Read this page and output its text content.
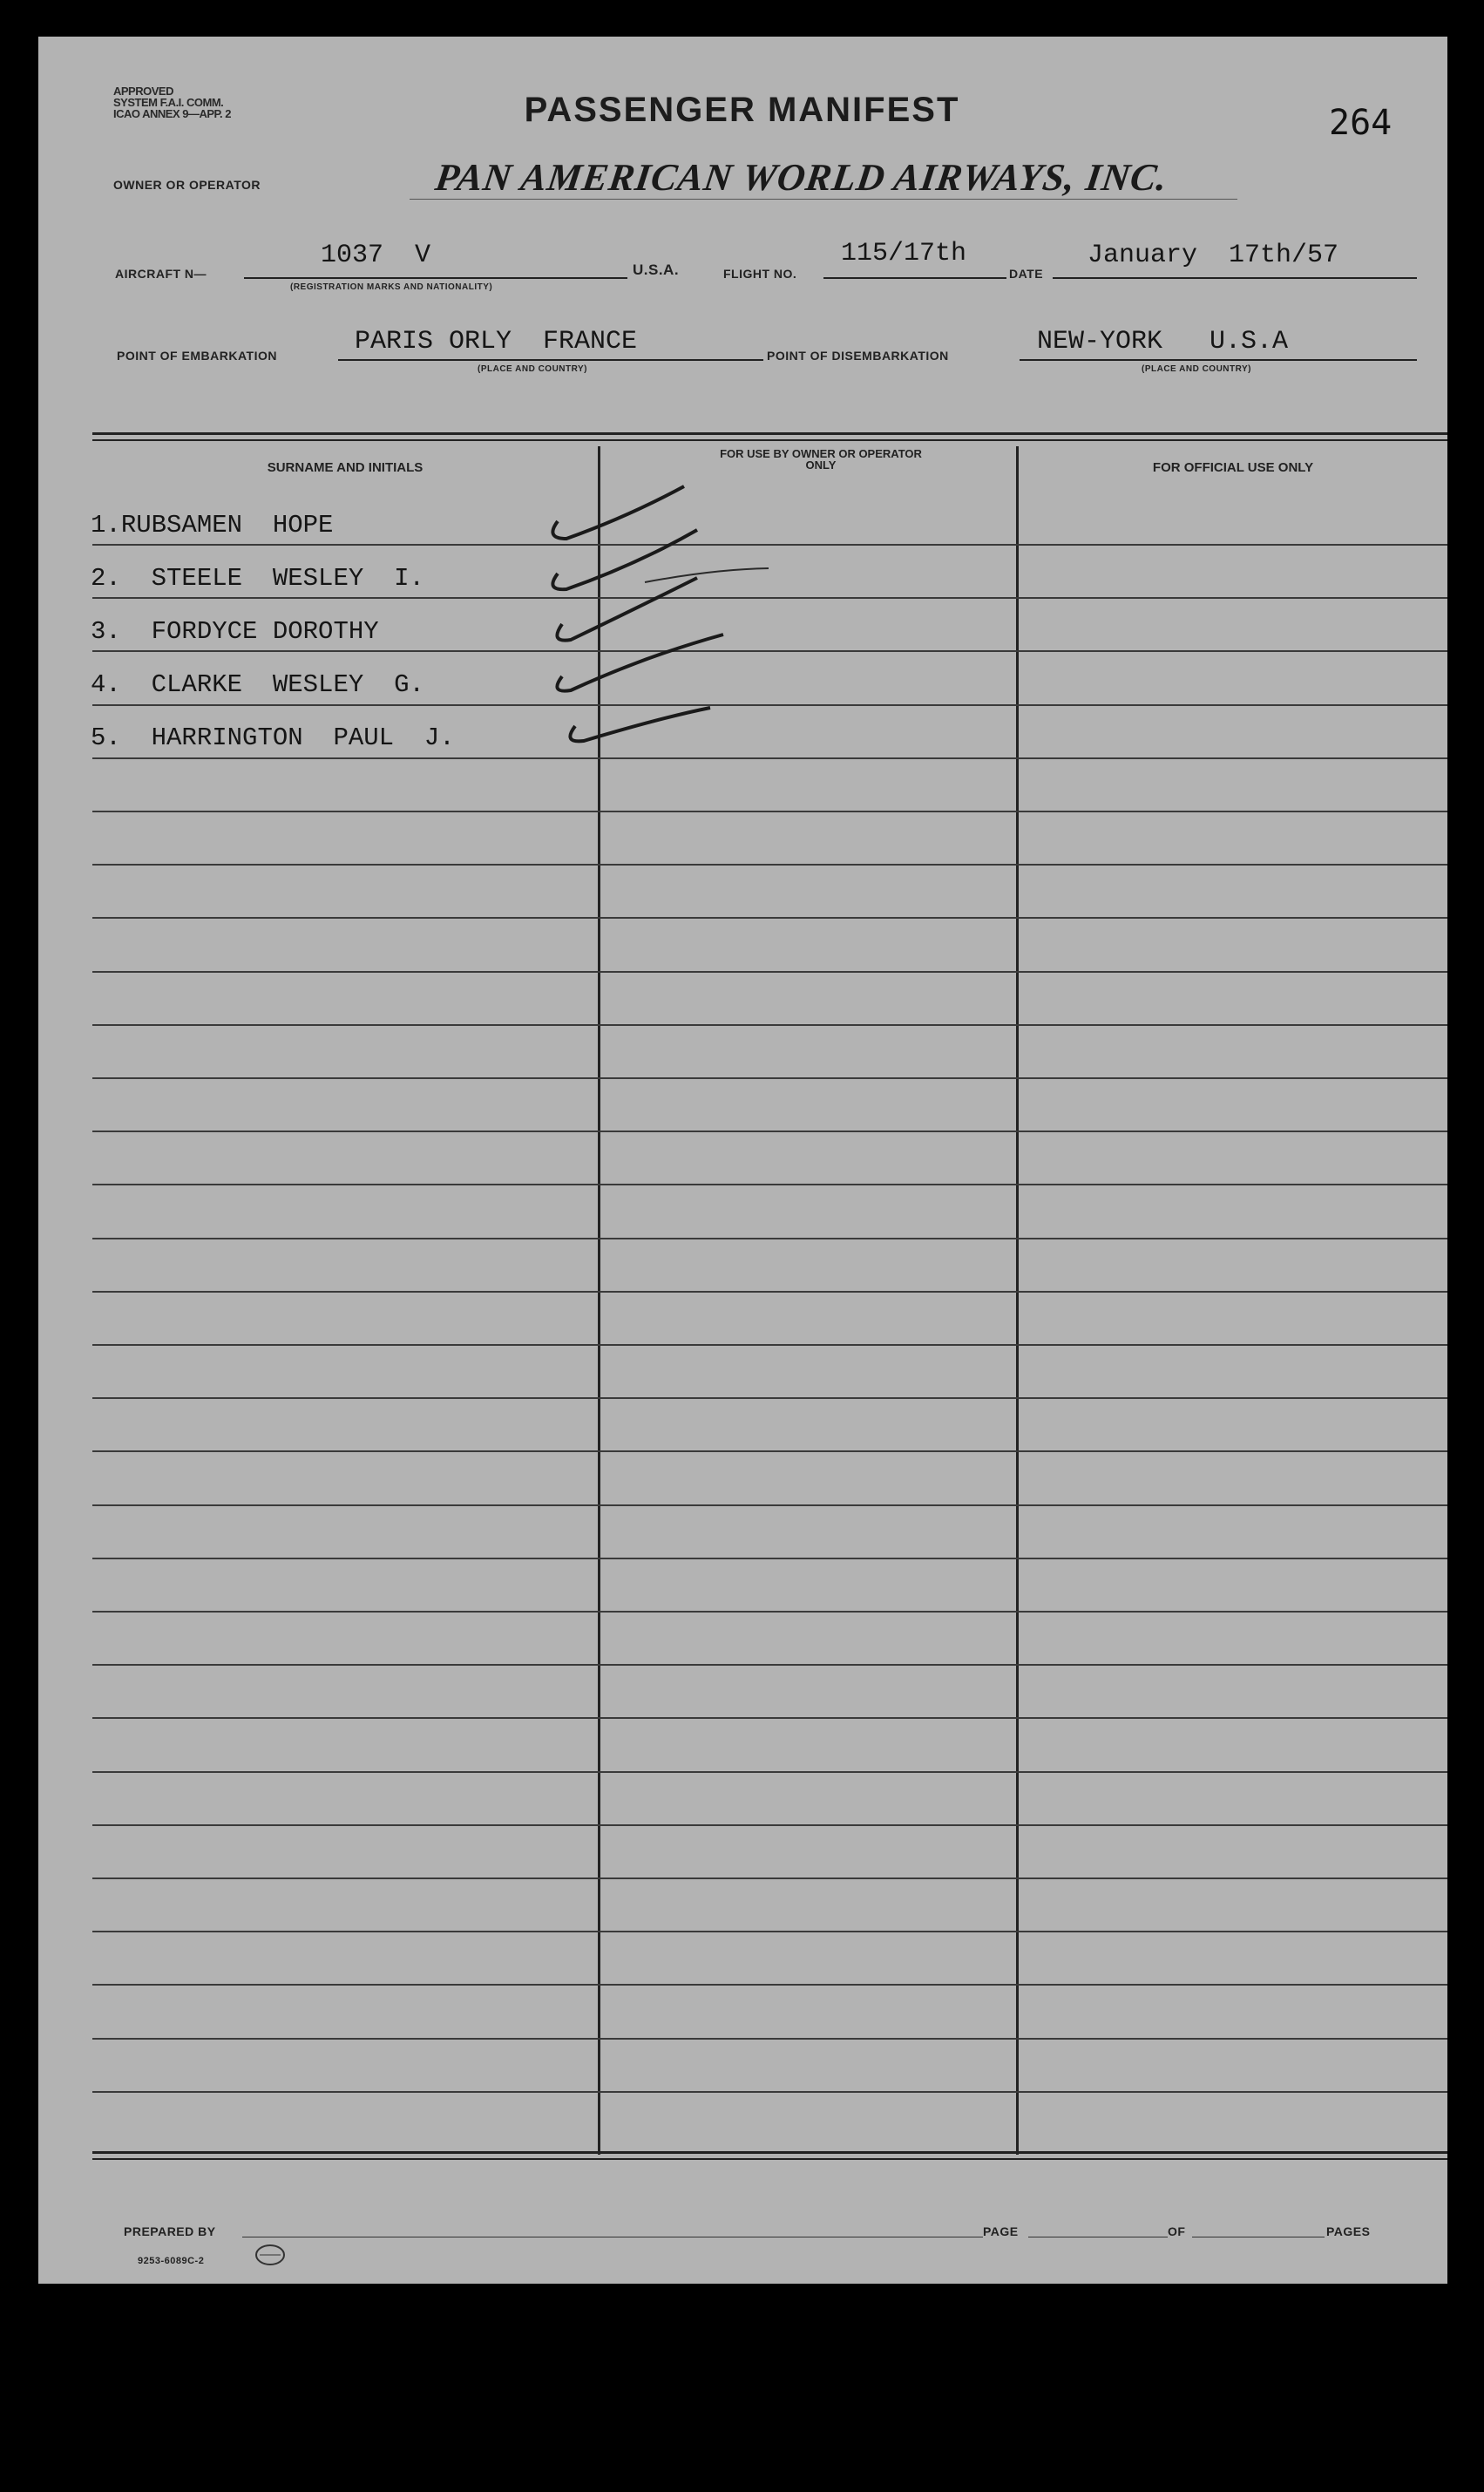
APPROVED
SYSTEM F.A.I. COMM.
ICAO ANNEX 9—APP. 2	PASSENGER MANIFEST	264
OWNER OR OPERATOR	PAN AMERICAN WORLD AIRWAYS, INC.
AIRCRAFT N—
1037  V
(REGISTRATION MARKS AND NATIONALITY)
U.S.A.	FLIGHT NO.
115/17th
DATE
January  17th/57
POINT OF EMBARKATION	PARIS ORLY  FRANCE
(PLACE AND COUNTRY)
POINT OF DISEMBARKATION	NEW-YORK   U.S.A
(PLACE AND COUNTRY)
SURNAME AND INITIALS
FOR USE BY OWNER OR OPERATOR ONLY	FOR OFFICIAL USE ONLY
1.RUBSAMEN  HOPE
2. STEELE  WESLEY  I.
3. FORDYCE DOROTHY
4. CLARKE  WESLEY  G.
5. HARRINGTON  PAUL  J.
PREPARED BY	PAGE	OF	PAGES
9253-6089C-2
